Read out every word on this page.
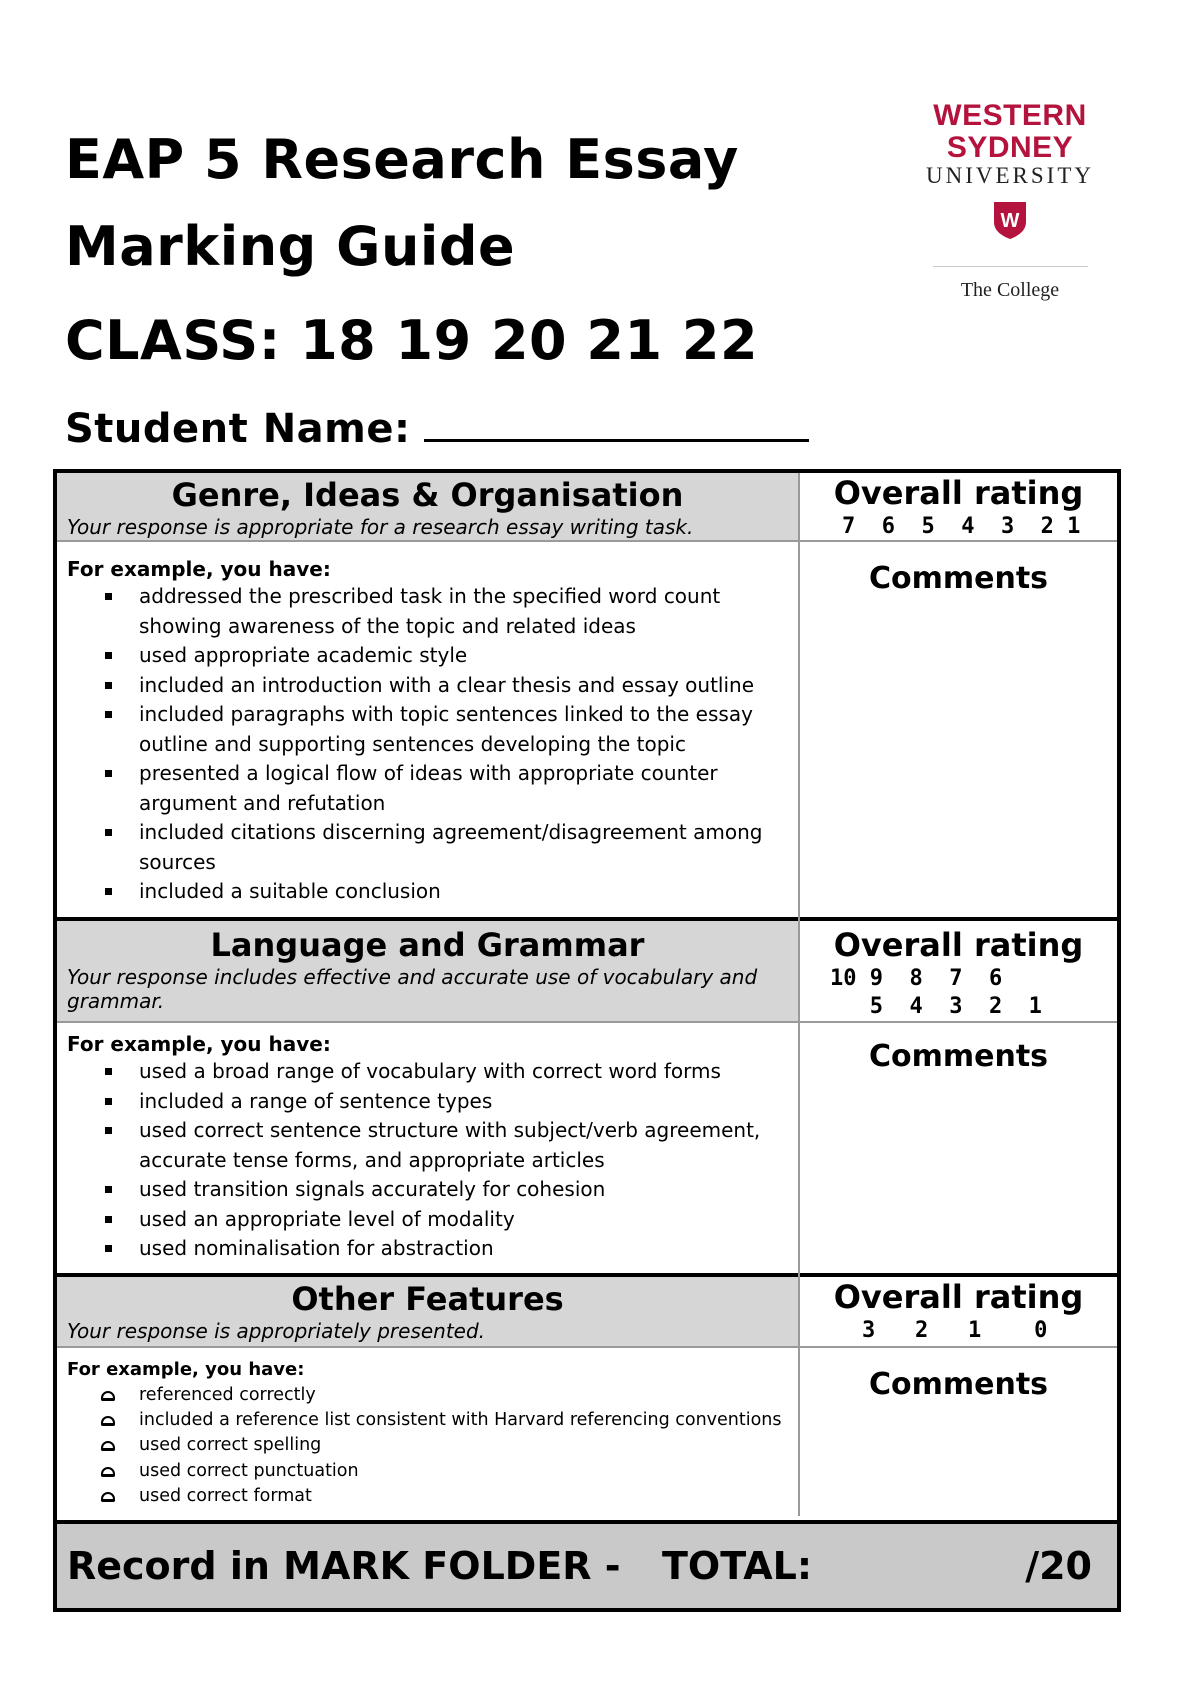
EAP 5 Research Essay
Marking Guide
CLASS: 18 19 20 21 22
Student Name:
WESTERN SYDNEY
UNIVERSITY
W
The College
Genre, Ideas & Organisation
Your response is appropriate for a research essay writing task.
Overall rating
7  6  5  4  3  2 1
For example, you have:
addressed the prescribed task in the specified word count showing awareness of the topic and related ideas
used appropriate academic style
included an introduction with a clear thesis and essay outline
included paragraphs with topic sentences linked to the essay outline and supporting sentences developing the topic
presented a logical flow of ideas with appropriate counter argument and refutation
included citations discerning agreement/disagreement among sources
included a suitable conclusion
Comments
Language and Grammar
Your response includes effective and accurate use of vocabulary and grammar.
Overall rating
10 9  8  7  6
5  4  3  2  1
For example, you have:
used a broad range of vocabulary with correct word forms
included a range of sentence types
used correct sentence structure with subject/verb agreement, accurate tense forms, and appropriate articles
used transition signals accurately for cohesion
used an appropriate level of modality
used nominalisation for abstraction
Comments
Other Features
Your response is appropriately presented.
Overall rating
3   2   1    0
For example, you have:
referenced correctly
included a reference list consistent with Harvard referencing conventions
used correct spelling
used correct punctuation
used correct format
Comments
Record in MARK FOLDER - TOTAL:	/20
